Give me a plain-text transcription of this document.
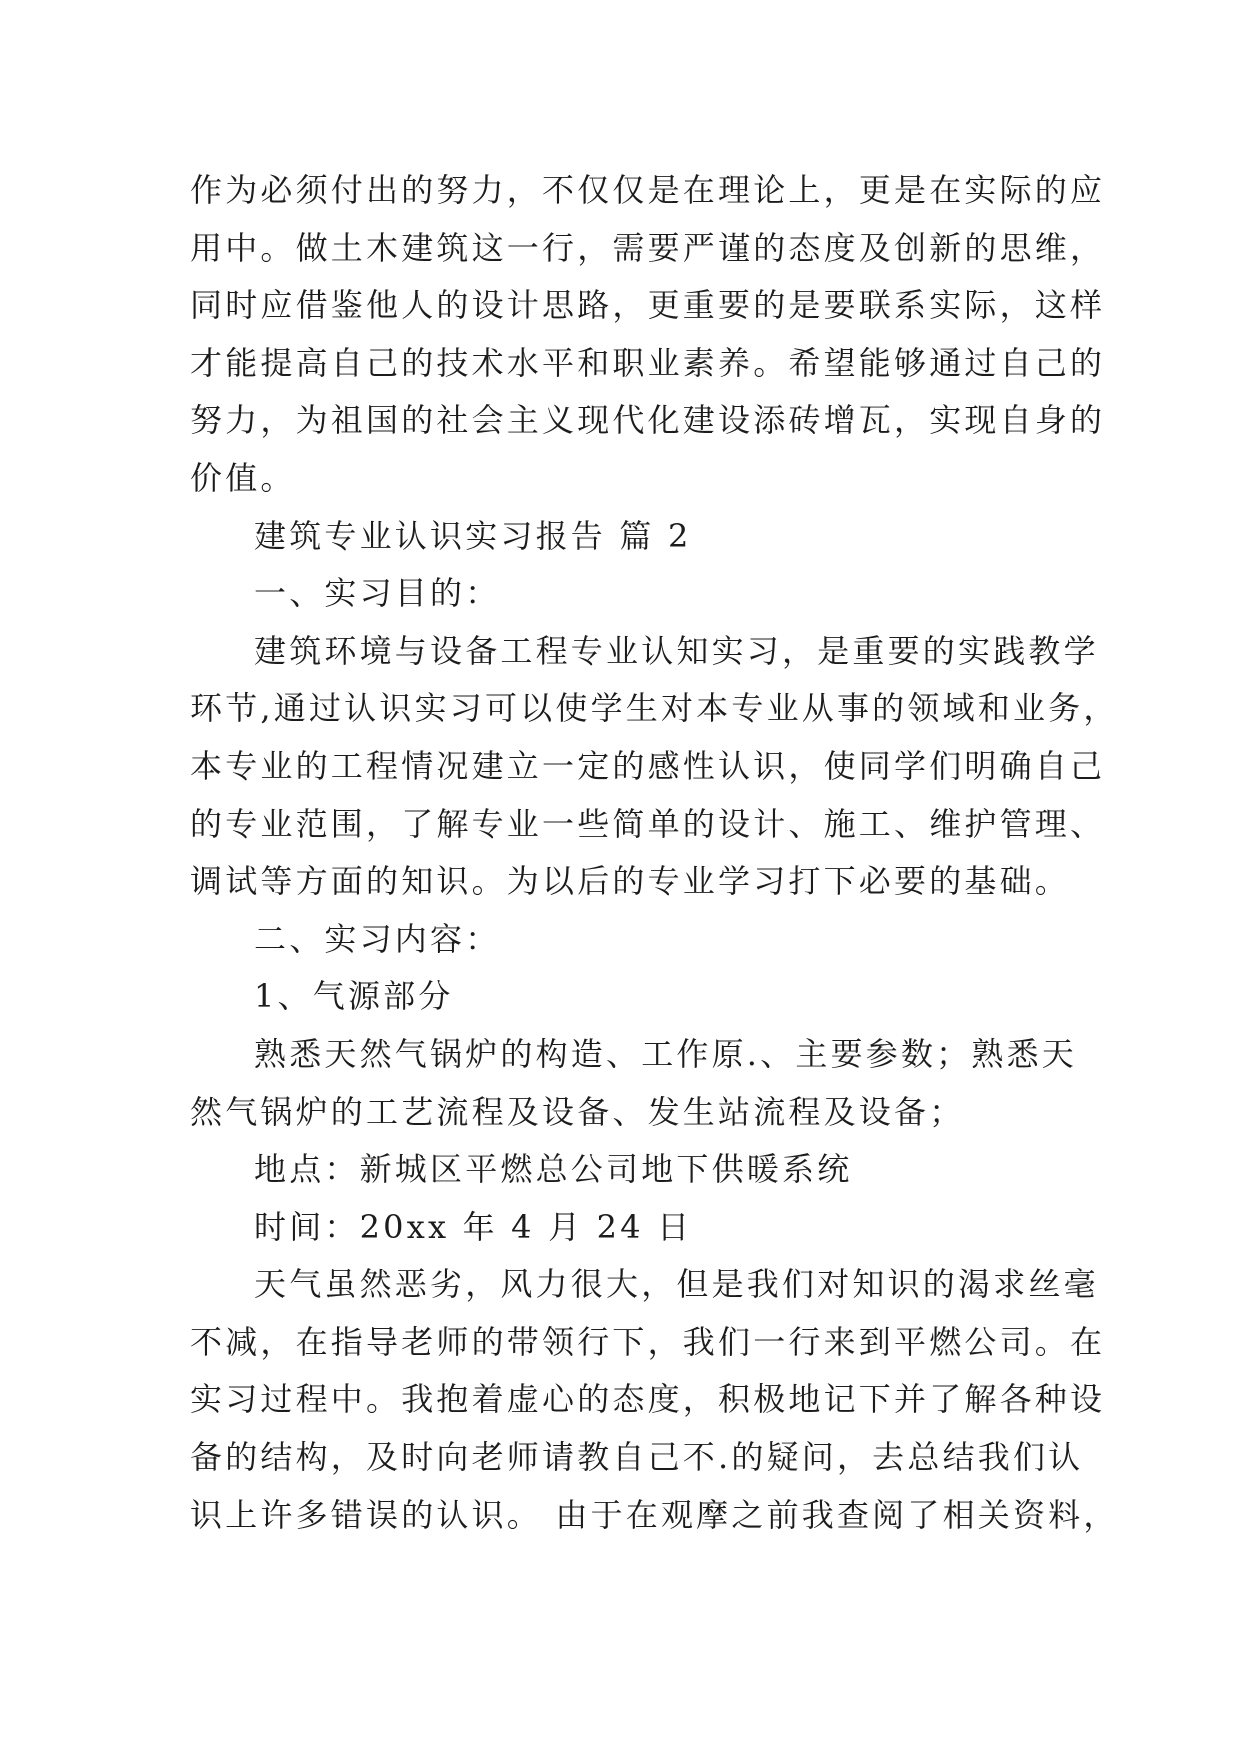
作为必须付出的努力，不仅仅是在理论上，更是在实际的应
用中。做土木建筑这一行，需要严谨的态度及创新的思维，
同时应借鉴他人的设计思路，更重要的是要联系实际，这样
才能提高自己的技术水平和职业素养。希望能够通过自己的
努力，为祖国的社会主义现代化建设添砖增瓦，实现自身的
价值。
建筑专业认识实习报告 篇 2
一、实习目的：
建筑环境与设备工程专业认知实习，是重要的实践教学
环节,通过认识实习可以使学生对本专业从事的领域和业务，
本专业的工程情况建立一定的感性认识，使同学们明确自己
的专业范围，了解专业一些简单的设计、施工、维护管理、
调试等方面的知识。为以后的专业学习打下必要的基础。
二、实习内容：
1、气源部分
熟悉天然气锅炉的构造、工作原.、主要参数；熟悉天
然气锅炉的工艺流程及设备、发生站流程及设备；
地点：新城区平燃总公司地下供暖系统
时间：20xx 年 4 月 24 日
天气虽然恶劣，风力很大，但是我们对知识的渴求丝毫
不减，在指导老师的带领行下，我们一行来到平燃公司。在
实习过程中。我抱着虚心的态度，积极地记下并了解各种设
备的结构，及时向老师请教自己不.的疑问，去总结我们认
识上许多错误的认识。 由于在观摩之前我查阅了相关资料，
